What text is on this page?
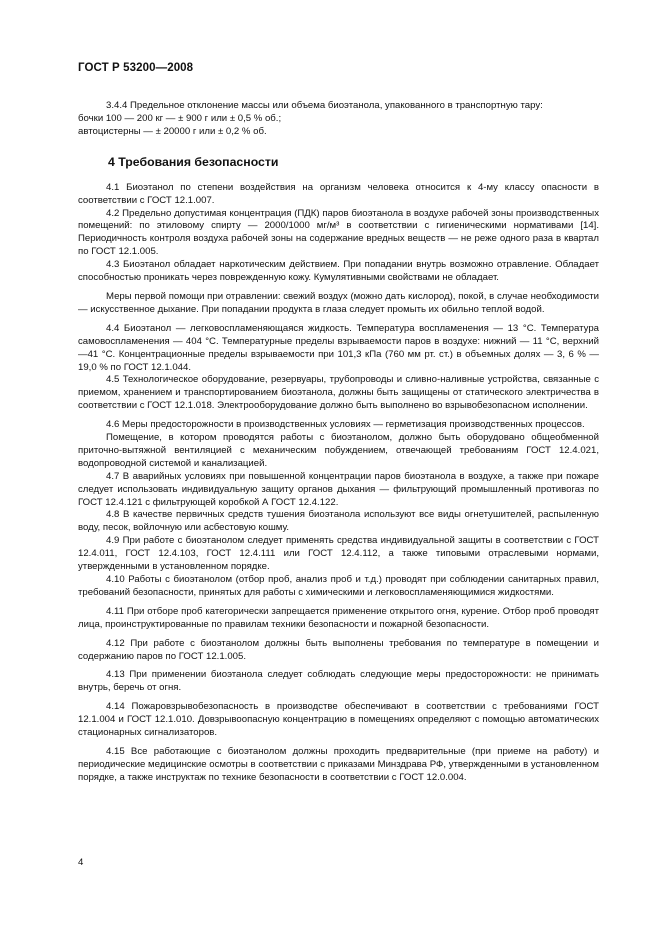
ГОСТ Р 53200—2008

3.4.4 Предельное отклонение массы или объема биоэтанола, упакованного в транспортную тару:

бочки 100 — 200 кг — ± 900 г или ± 0,5 % об.;

автоцистерны — ± 20000 г или ± 0,2 % об.

4 Требования безопасности

4.1 Биоэтанол по степени воздействия на организм человека относится к 4-му классу опасности в соответствии с ГОСТ 12.1.007.

4.2 Предельно допустимая концентрация (ПДК) паров биоэтанола в воздухе рабочей зоны производственных помещений: по этиловому спирту — 2000/1000 мг/м³ в соответствии с гигиеническими нормативами [14]. Периодичность контроля воздуха рабочей зоны на содержание вредных веществ — не реже одного раза в квартал по ГОСТ 12.1.005.

4.3 Биоэтанол обладает наркотическим действием. При попадании внутрь возможно отравление. Обладает способностью проникать через поврежденную кожу. Кумулятивными свойствами не обладает.

Меры первой помощи при отравлении: свежий воздух (можно дать кислород), покой, в случае необходимости — искусственное дыхание. При попадании продукта в глаза следует промыть их обильно теплой водой.

4.4 Биоэтанол — легковоспламеняющаяся жидкость. Температура воспламенения — 13 °С. Температура самовоспламенения — 404 °С. Температурные пределы взрываемости паров в воздухе: нижний — 11 °С, верхний —41 °С. Концентрационные пределы взрываемости при 101,3 кПа (760 мм рт. ст.) в объемных долях — 3, 6 % — 19,0 % по ГОСТ 12.1.044.

4.5 Технологическое оборудование, резервуары, трубопроводы и сливно-наливные устройства, связанные с приемом, хранением и транспортированием биоэтанола, должны быть защищены от статического электричества в соответствии с ГОСТ 12.1.018. Электрооборудование должно быть выполнено во взрывобезопасном исполнении.

4.6 Меры предосторожности в производственных условиях — герметизация производственных процессов.

Помещение, в котором проводятся работы с биоэтанолом, должно быть оборудовано общеобменной приточно-вытяжной вентиляцией с механическим побуждением, отвечающей требованиям ГОСТ 12.4.021, водопроводной системой и канализацией.

4.7 В аварийных условиях при повышенной концентрации паров биоэтанола в воздухе, а также при пожаре следует использовать индивидуальную защиту органов дыхания — фильтрующий промышленный противогаз по ГОСТ 12.4.121 с фильтрующей коробкой А ГОСТ 12.4.122.

4.8 В качестве первичных средств тушения биоэтанола используют все виды огнетушителей, распыленную воду, песок, войлочную или асбестовую кошму.

4.9 При работе с биоэтанолом следует применять средства индивидуальной защиты в соответствии с ГОСТ 12.4.011, ГОСТ 12.4.103, ГОСТ 12.4.111 или ГОСТ 12.4.112, а также типовыми отраслевыми нормами, утвержденными в установленном порядке.

4.10 Работы с биоэтанолом (отбор проб, анализ проб и т.д.) проводят при соблюдении санитарных правил, требований безопасности, принятых для работы с химическими и легковоспламеняющимися жидкостями.

4.11 При отборе проб категорически запрещается применение открытого огня, курение. Отбор проб проводят лица, проинструктированные по правилам техники безопасности и пожарной безопасности.

4.12 При работе с биоэтанолом должны быть выполнены требования по температуре в помещении и содержанию паров по ГОСТ 12.1.005.

4.13 При применении биоэтанола следует соблюдать следующие меры предосторожности: не принимать внутрь, беречь от огня.

4.14 Пожаровзрывобезопасность в производстве обеспечивают в соответствии с требованиями ГОСТ 12.1.004 и ГОСТ 12.1.010. Довзрывоопасную концентрацию в помещениях определяют с помощью автоматических стационарных сигнализаторов.

4.15 Все работающие с биоэтанолом должны проходить предварительные (при приеме на работу) и периодические медицинские осмотры в соответствии с приказами Минздрава РФ, утвержденными в установленном порядке, а также инструктаж по технике безопасности в соответствии с ГОСТ 12.0.004.

4
